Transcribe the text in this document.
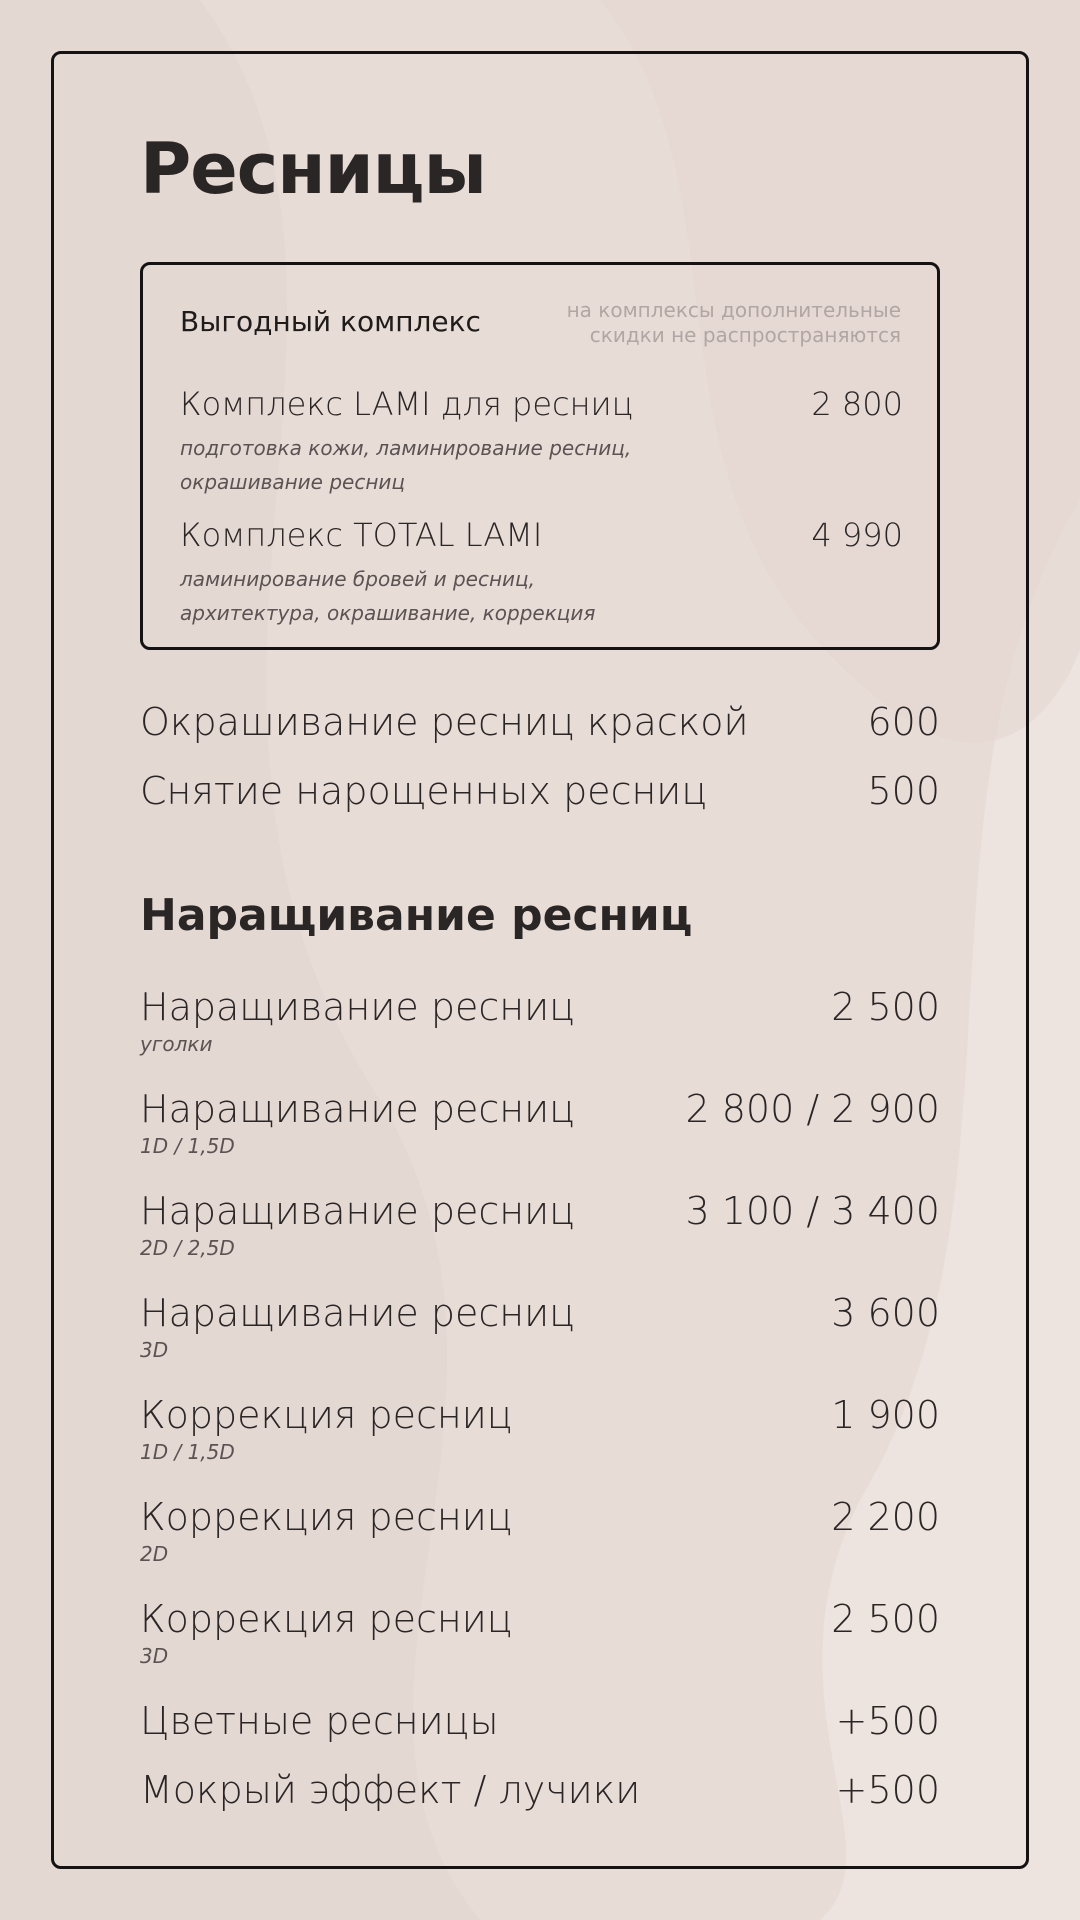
Ресницы
Выгодный комплекс	на комплексы дополнительные скидки не распространяются
Комплекс LAMI для ресниц	2 800
подготовка кожи, ламинирование ресниц, окрашивание ресниц
Комплекс TOTAL LAMI	4 990
ламинирование бровей и ресниц, архитектура, окрашивание, коррекция
Окрашивание ресниц краской	600
Снятие нарощенных ресниц	500
Наращивание ресниц
Наращивание ресниц	2 500
уголки
Наращивание ресниц	2 800 / 2 900
1D / 1,5D
Наращивание ресниц	3 100 / 3 400
2D / 2,5D
Наращивание ресниц	3 600
3D
Коррекция ресниц	1 900
1D / 1,5D
Коррекция ресниц	2 200
2D
Коррекция ресниц	2 500
3D
Цветные ресницы	+500
Мокрый эффект / лучики	+500
